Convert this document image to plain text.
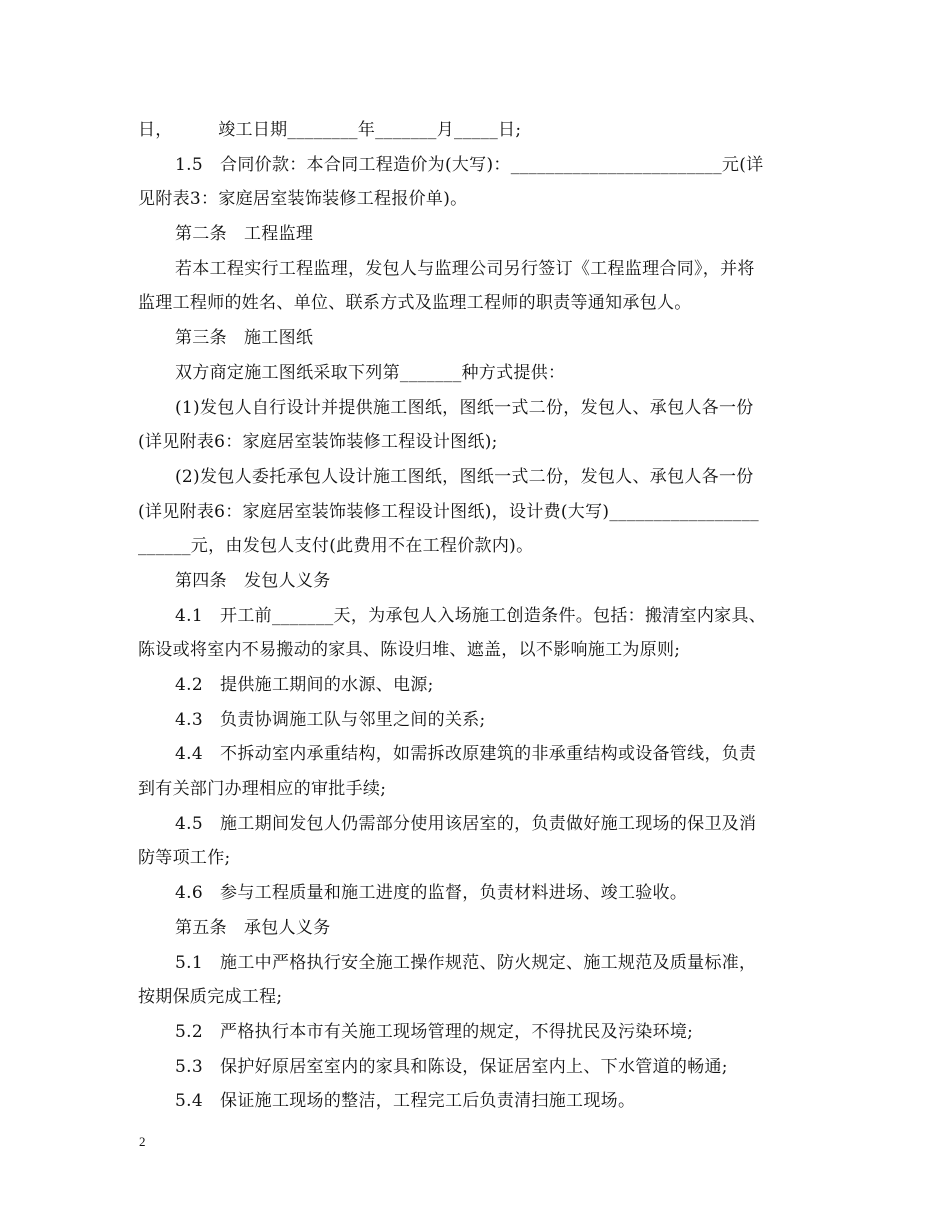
日，        竣工日期________年_______月_____日;
1.5   合同价款：本合同工程造价为(大写)：________________________元(详
见附表3：家庭居室装饰装修工程报价单)。
第二条   工程监理
若本工程实行工程监理，发包人与监理公司另行签订《工程监理合同》，并将
监理工程师的姓名、单位、联系方式及监理工程师的职责等通知承包人。
第三条   施工图纸
双方商定施工图纸采取下列第_______种方式提供：
(1)发包人自行设计并提供施工图纸，图纸一式二份，发包人、承包人各一份
(详见附表6：家庭居室装饰装修工程设计图纸);
(2)发包人委托承包人设计施工图纸，图纸一式二份，发包人、承包人各一份
(详见附表6：家庭居室装饰装修工程设计图纸)，设计费(大写)_________________
______元，由发包人支付(此费用不在工程价款内)。
第四条   发包人义务
4.1   开工前_______天，为承包人入场施工创造条件。包括：搬清室内家具、
陈设或将室内不易搬动的家具、陈设归堆、遮盖，以不影响施工为原则;
4.2   提供施工期间的水源、电源;
4.3   负责协调施工队与邻里之间的关系;
4.4   不拆动室内承重结构，如需拆改原建筑的非承重结构或设备管线，负责
到有关部门办理相应的审批手续;
4.5   施工期间发包人仍需部分使用该居室的，负责做好施工现场的保卫及消
防等项工作;
4.6   参与工程质量和施工进度的监督，负责材料进场、竣工验收。
第五条   承包人义务
5.1   施工中严格执行安全施工操作规范、防火规定、施工规范及质量标准，
按期保质完成工程;
5.2   严格执行本市有关施工现场管理的规定，不得扰民及污染环境;
5.3   保护好原居室室内的家具和陈设，保证居室内上、下水管道的畅通;
5.4   保证施工现场的整洁，工程完工后负责清扫施工现场。
2
